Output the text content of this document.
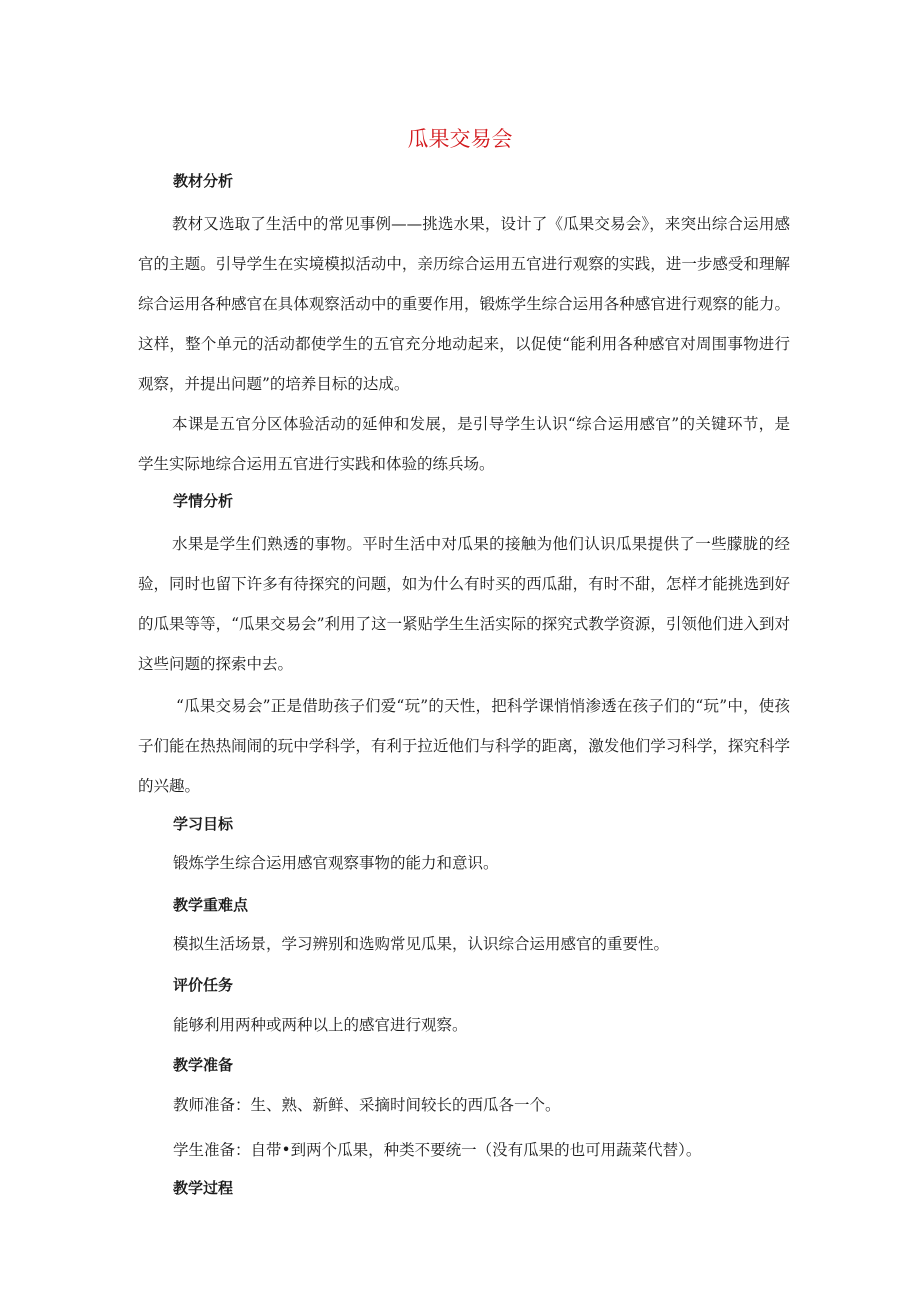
瓜果交易会
教材分析

教材又选取了生活中的常见事例——挑选水果，设计了《瓜果交易会》，来突出综合运用感官的主题。引导学生在实境模拟活动中，亲历综合运用五官进行观察的实践，进一步感受和理解综合运用各种感官在具体观察活动中的重要作用，锻炼学生综合运用各种感官进行观察的能力。这样，整个单元的活动都使学生的五官充分地动起来，以促使“能利用各种感官对周围事物进行观察，并提出问题”的培养目标的达成。

本课是五官分区体验活动的延伸和发展，是引导学生认识“综合运用感官”的关键环节，是学生实际地综合运用五官进行实践和体验的练兵场。

学情分析

水果是学生们熟透的事物。平时生活中对瓜果的接触为他们认识瓜果提供了一些朦胧的经验，同时也留下许多有待探究的问题，如为什么有时买的西瓜甜，有时不甜，怎样才能挑选到好的瓜果等等，“瓜果交易会”利用了这一紧贴学生生活实际的探究式教学资源，引领他们进入到对这些问题的探索中去。

“瓜果交易会”正是借助孩子们爱“玩”的天性，把科学课悄悄渗透在孩子们的“玩”中，使孩子们能在热热闹闹的玩中学科学，有利于拉近他们与科学的距离，激发他们学习科学，探究科学的兴趣。

学习目标

锻炼学生综合运用感官观察事物的能力和意识。

教学重难点

模拟生活场景，学习辨别和选购常见瓜果，认识综合运用感官的重要性。

评价任务

能够利用两种或两种以上的感官进行观察。

教学准备

教师准备：生、熟、新鲜、采摘时间较长的西瓜各一个。

学生准备：自带•到两个瓜果，种类不要统一（没有瓜果的也可用蔬菜代替）。

教学过程
